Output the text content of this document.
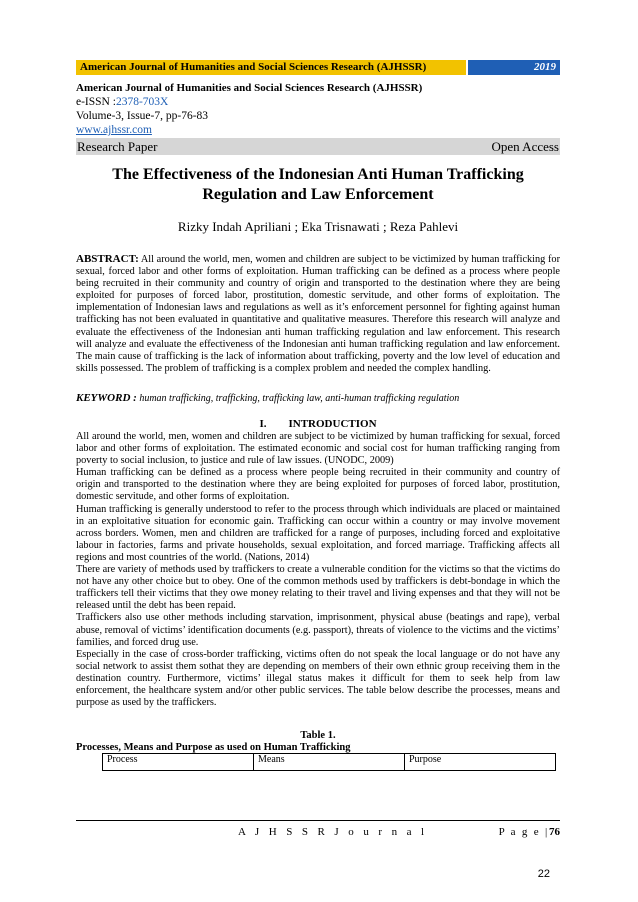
American Journal of Humanities and Social Sciences Research (AJHSSR)	2019
American Journal of Humanities and Social Sciences Research (AJHSSR)
e-ISSN :2378-703X
Volume-3, Issue-7, pp-76-83
www.ajhssr.com
Research Paper	Open Access
The Effectiveness of the Indonesian Anti Human Trafficking Regulation and Law Enforcement
Rizky Indah Apriliani ; Eka Trisnawati ; Reza Pahlevi
ABSTRACT: All around the world, men, women and children are subject to be victimized by human trafficking for sexual, forced labor and other forms of exploitation. Human trafficking can be defined as a process where people being recruited in their community and country of origin and transported to the destination where they are being exploited for purposes of forced labor, prostitution, domestic servitude, and other forms of exploitation. The implementation of Indonesian laws and regulations as well as it’s enforcement personnel for fighting against human trafficking has not been evaluated in quantitative and qualitative measures. Therefore this research will analyze and evaluate the effectiveness of the Indonesian anti human trafficking regulation and law enforcement. This research will analyze and evaluate the effectiveness of the Indonesian anti human trafficking regulation and law enforcement. The main cause of trafficking is the lack of information about trafficking, poverty and the low level of education and skills possessed. The problem of trafficking is a complex problem and needed the complex handling.
KEYWORD : human trafficking, trafficking, trafficking law, anti-human trafficking regulation
I. INTRODUCTION

All around the world, men, women and children are subject to be victimized by human trafficking for sexual, forced labor and other forms of exploitation. The estimated economic and social cost for human trafficking ranging from poverty to social inclusion, to justice and rule of law issues. (UNODC, 2009)

Human trafficking can be defined as a process where people being recruited in their community and country of origin and transported to the destination where they are being exploited for purposes of forced labor, prostitution, domestic servitude, and other forms of exploitation.

Human trafficking is generally understood to refer to the process through which individuals are placed or maintained in an exploitative situation for economic gain. Trafficking can occur within a country or may involve movement across borders. Women, men and children are trafficked for a range of purposes, including forced and exploitative labour in factories, farms and private households, sexual exploitation, and forced marriage. Trafficking affects all regions and most countries of the world. (Nations, 2014)

There are variety of methods used by traffickers to create a vulnerable condition for the victims so that the victims do not have any other choice but to obey. One of the common methods used by traffickers is debt-bondage in which the traffickers tell their victims that they owe money relating to their travel and living expenses and that they will not be released until the debt has been repaid.

Traffickers also use other methods including starvation, imprisonment, physical abuse (beatings and rape), verbal abuse, removal of victims’ identification documents (e.g. passport), threats of violence to the victims and the victims’ families, and forced drug use.

Especially in the case of cross-border trafficking, victims often do not speak the local language or do not have any social network to assist them sothat they are depending on members of their own ethnic group receiving them in the destination country. Furthermore, victims’ illegal status makes it difficult for them to seek help from law enforcement, the healthcare system and/or other public services. The table below describe the processes, means and purpose as used by the traffickers.

Table 1.
Processes, Means and Purpose as used on Human Trafficking
Process	Means	Purpose
A J H S S R J o u r n a l	P a g e |76
22
